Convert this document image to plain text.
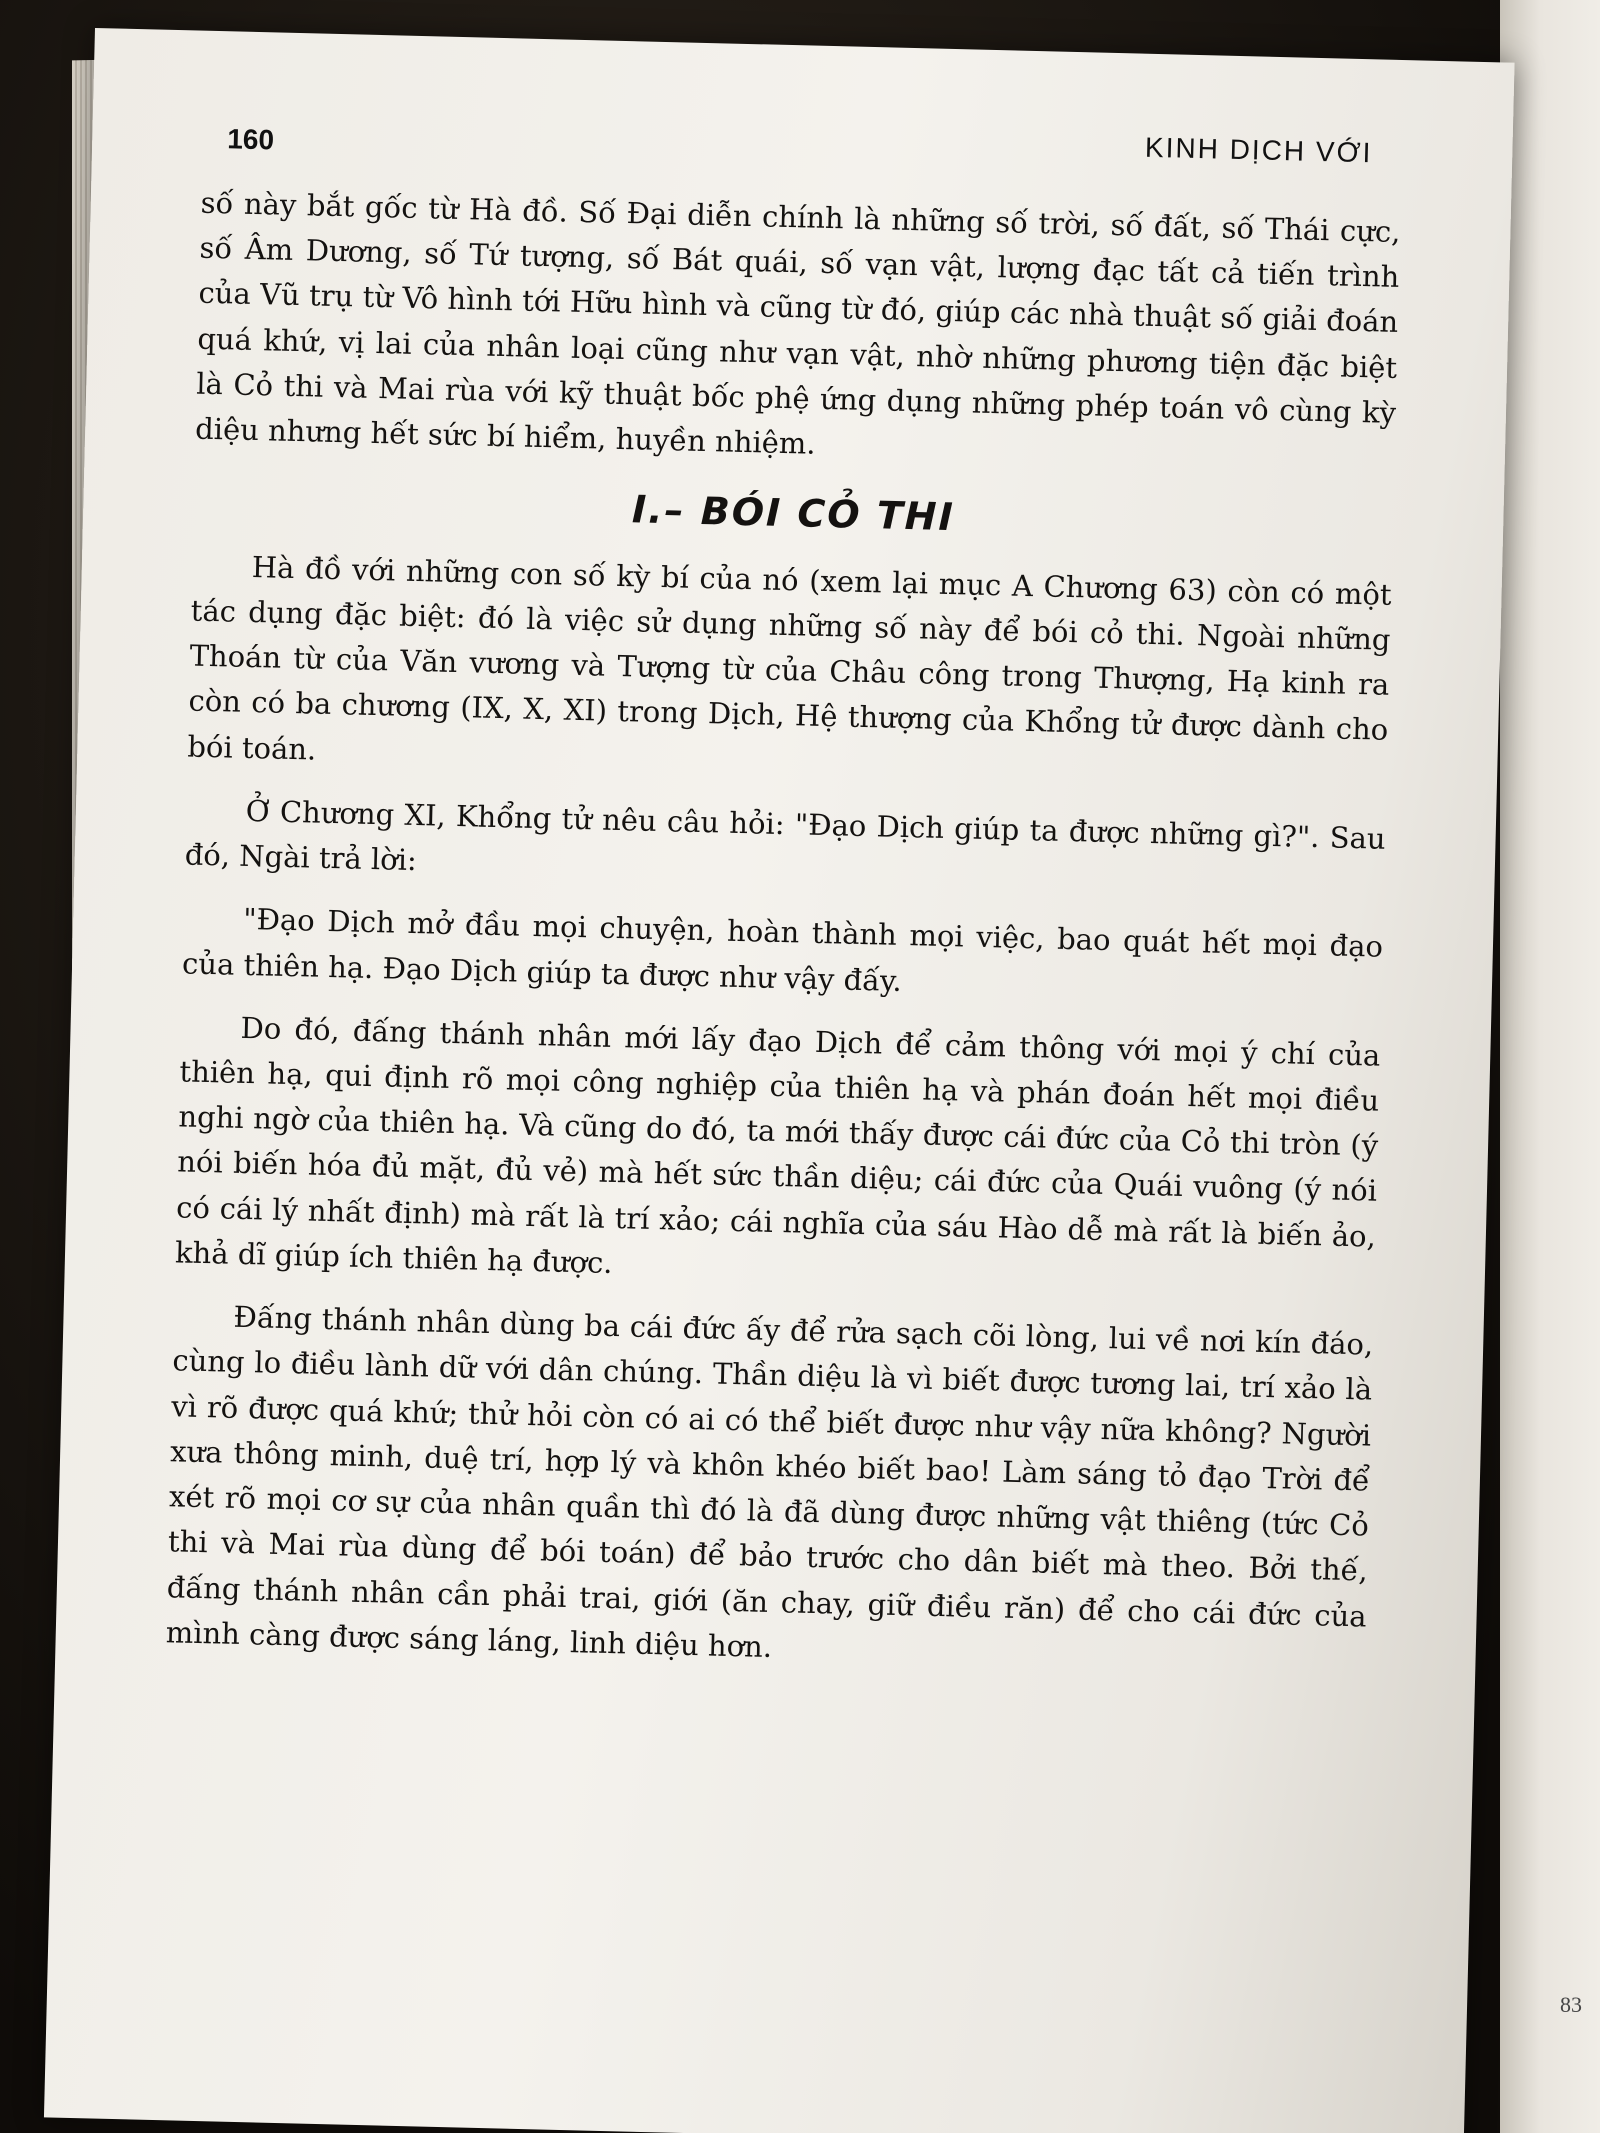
83
KINH DỊCH VỚI
160

số này bắt gốc từ Hà đồ. Số Đại diễn chính là những số trời, số đất, số Thái cực, số Âm Dương, số Tứ tượng, số Bát quái, số vạn vật, lượng đạc tất cả tiến trình của Vũ trụ từ Vô hình tới Hữu hình và cũng từ đó, giúp các nhà thuật số giải đoán quá khứ, vị lai của nhân loại cũng như vạn vật, nhờ những phương tiện đặc biệt là Cỏ thi và Mai rùa với kỹ thuật bốc phệ ứng dụng những phép toán vô cùng kỳ diệu nhưng hết sức bí hiểm, huyền nhiệm.

I.– BÓI CỎ THI

Hà đồ với những con số kỳ bí của nó (xem lại mục A Chương 63) còn có một tác dụng đặc biệt: đó là việc sử dụng những số này để bói cỏ thi. Ngoài những Thoán từ của Văn vương và Tượng từ của Châu công trong Thượng, Hạ kinh ra còn có ba chương (IX, X, XI) trong Dịch, Hệ thượng của Khổng tử được dành cho bói toán.

Ở Chương XI, Khổng tử nêu câu hỏi: "Đạo Dịch giúp ta được những gì?". Sau đó, Ngài trả lời:

"Đạo Dịch mở đầu mọi chuyện, hoàn thành mọi việc, bao quát hết mọi đạo của thiên hạ. Đạo Dịch giúp ta được như vậy đấy.

Do đó, đấng thánh nhân mới lấy đạo Dịch để cảm thông với mọi ý chí của thiên hạ, qui định rõ mọi công nghiệp của thiên hạ và phán đoán hết mọi điều nghi ngờ của thiên hạ. Và cũng do đó, ta mới thấy được cái đức của Cỏ thi tròn (ý nói biến hóa đủ mặt, đủ vẻ) mà hết sức thần diệu; cái đức của Quái vuông (ý nói có cái lý nhất định) mà rất là trí xảo; cái nghĩa của sáu Hào dễ mà rất là biến ảo, khả dĩ giúp ích thiên hạ được.

Đấng thánh nhân dùng ba cái đức ấy để rửa sạch cõi lòng, lui về nơi kín đáo, cùng lo điều lành dữ với dân chúng. Thần diệu là vì biết được tương lai, trí xảo là vì rõ được quá khứ; thử hỏi còn có ai có thể biết được như vậy nữa không? Người xưa thông minh, duệ trí, hợp lý và khôn khéo biết bao! Làm sáng tỏ đạo Trời để xét rõ mọi cơ sự của nhân quần thì đó là đã dùng được những vật thiêng (tức Cỏ thi và Mai rùa dùng để bói toán) để bảo trước cho dân biết mà theo. Bởi thế, đấng thánh nhân cần phải trai, giới (ăn chay, giữ điều răn) để cho cái đức của mình càng được sáng láng, linh diệu hơn.
